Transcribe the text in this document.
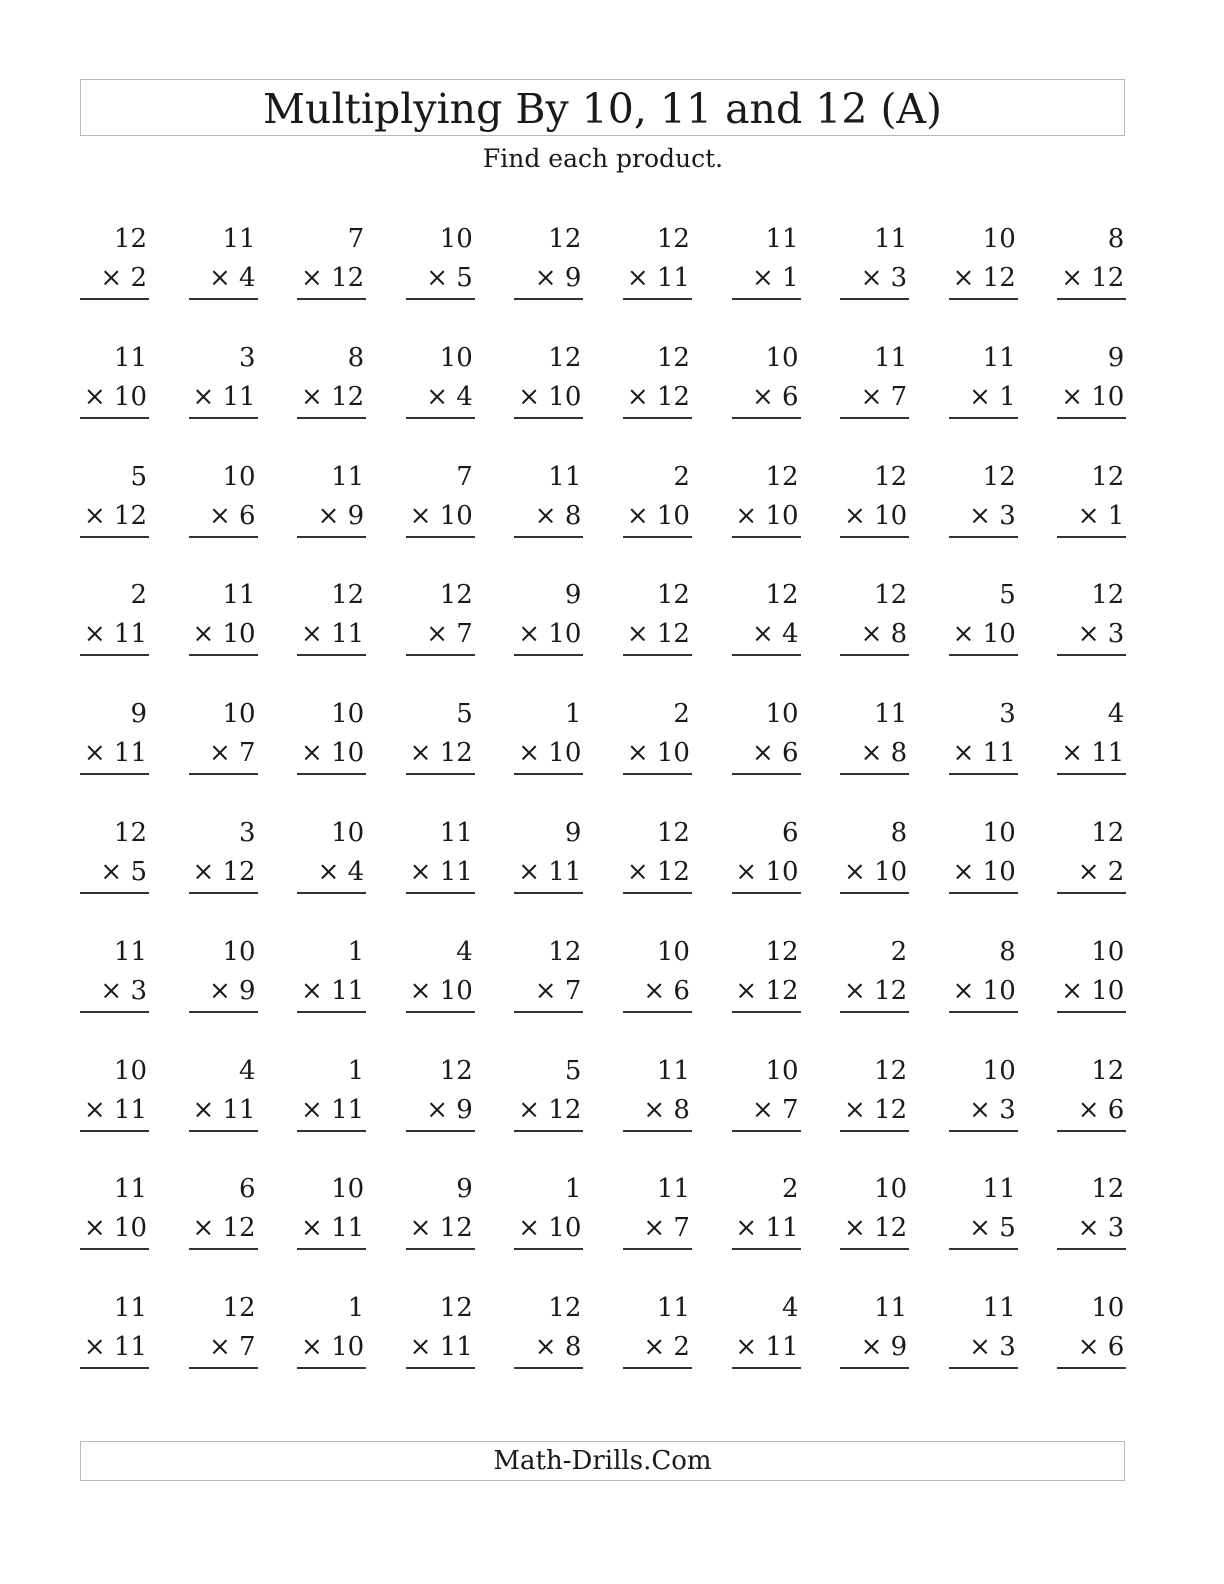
Multiplying By 10, 11 and 12 (A)
Find each product.
12
× 2
11
× 4
7
× 12
10
× 5
12
× 9
12
× 11
11
× 1
11
× 3
10
× 12
8
× 12
11
× 10
3
× 11
8
× 12
10
× 4
12
× 10
12
× 12
10
× 6
11
× 7
11
× 1
9
× 10
5
× 12
10
× 6
11
× 9
7
× 10
11
× 8
2
× 10
12
× 10
12
× 10
12
× 3
12
× 1
2
× 11
11
× 10
12
× 11
12
× 7
9
× 10
12
× 12
12
× 4
12
× 8
5
× 10
12
× 3
9
× 11
10
× 7
10
× 10
5
× 12
1
× 10
2
× 10
10
× 6
11
× 8
3
× 11
4
× 11
12
× 5
3
× 12
10
× 4
11
× 11
9
× 11
12
× 12
6
× 10
8
× 10
10
× 10
12
× 2
11
× 3
10
× 9
1
× 11
4
× 10
12
× 7
10
× 6
12
× 12
2
× 12
8
× 10
10
× 10
10
× 11
4
× 11
1
× 11
12
× 9
5
× 12
11
× 8
10
× 7
12
× 12
10
× 3
12
× 6
11
× 10
6
× 12
10
× 11
9
× 12
1
× 10
11
× 7
2
× 11
10
× 12
11
× 5
12
× 3
11
× 11
12
× 7
1
× 10
12
× 11
12
× 8
11
× 2
4
× 11
11
× 9
11
× 3
10
× 6
Math-Drills.Com
